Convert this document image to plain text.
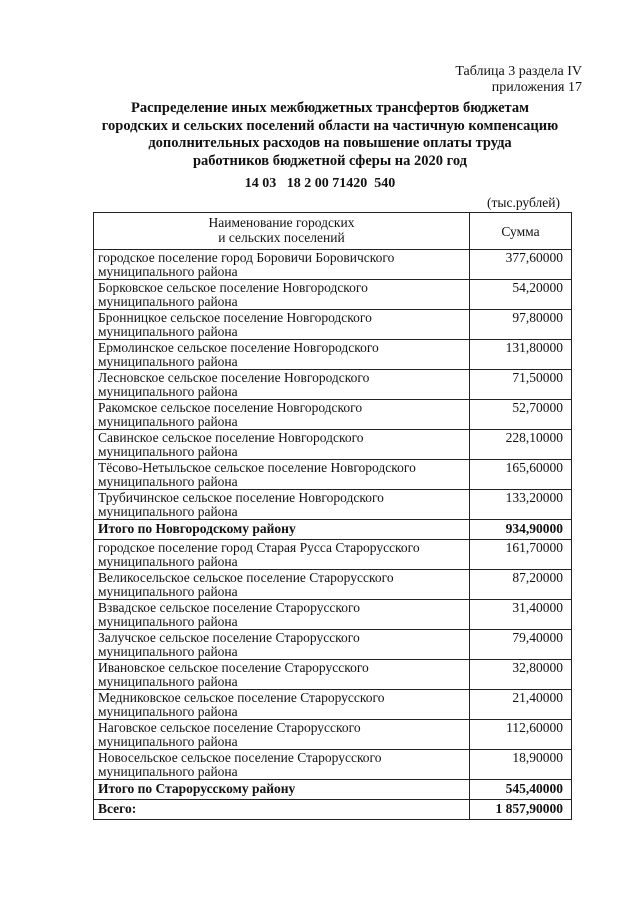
Таблица 3 раздела IV
приложения 17
Распределение иных межбюджетных трансфертов бюджетам
городских и сельских поселений области на частичную компенсацию
дополнительных расходов на повышение оплаты труда
работников бюджетной сферы на 2020 год
14 03   18 2 00 71420  540
(тыс.рублей)
Наименование городских
и сельских поселений	Сумма

городское поселение город Боровичи Боровичского
муниципального района	377,60000

Борковское сельское поселение Новгородского
муниципального района	54,20000

Бронницкое сельское поселение Новгородского
муниципального района	97,80000

Ермолинское сельское поселение Новгородского
муниципального района	131,80000

Лесновское сельское поселение Новгородского
муниципального района	71,50000

Ракомское сельское поселение Новгородского
муниципального района	52,70000

Савинское сельское поселение Новгородского
муниципального района	228,10000

Тёсово-Нетыльское сельское поселение Новгородского
муниципального района	165,60000

Трубичинское сельское поселение Новгородского
муниципального района	133,20000
Итого по Новгородскому району	934,90000

городское поселение город Старая Русса Старорусского
муниципального района	161,70000

Великосельское сельское поселение Старорусского
муниципального района	87,20000

Взвадское сельское поселение Старорусского
муниципального района	31,40000

Залучское сельское поселение Старорусского
муниципального района	79,40000

Ивановское сельское поселение Старорусского
муниципального района	32,80000

Медниковское сельское поселение Старорусского
муниципального района	21,40000

Наговское сельское поселение Старорусского
муниципального района	112,60000

Новосельское сельское поселение Старорусского
муниципального района	18,90000
Итого по Старорусскому району	545,40000
Всего:	1 857,90000
